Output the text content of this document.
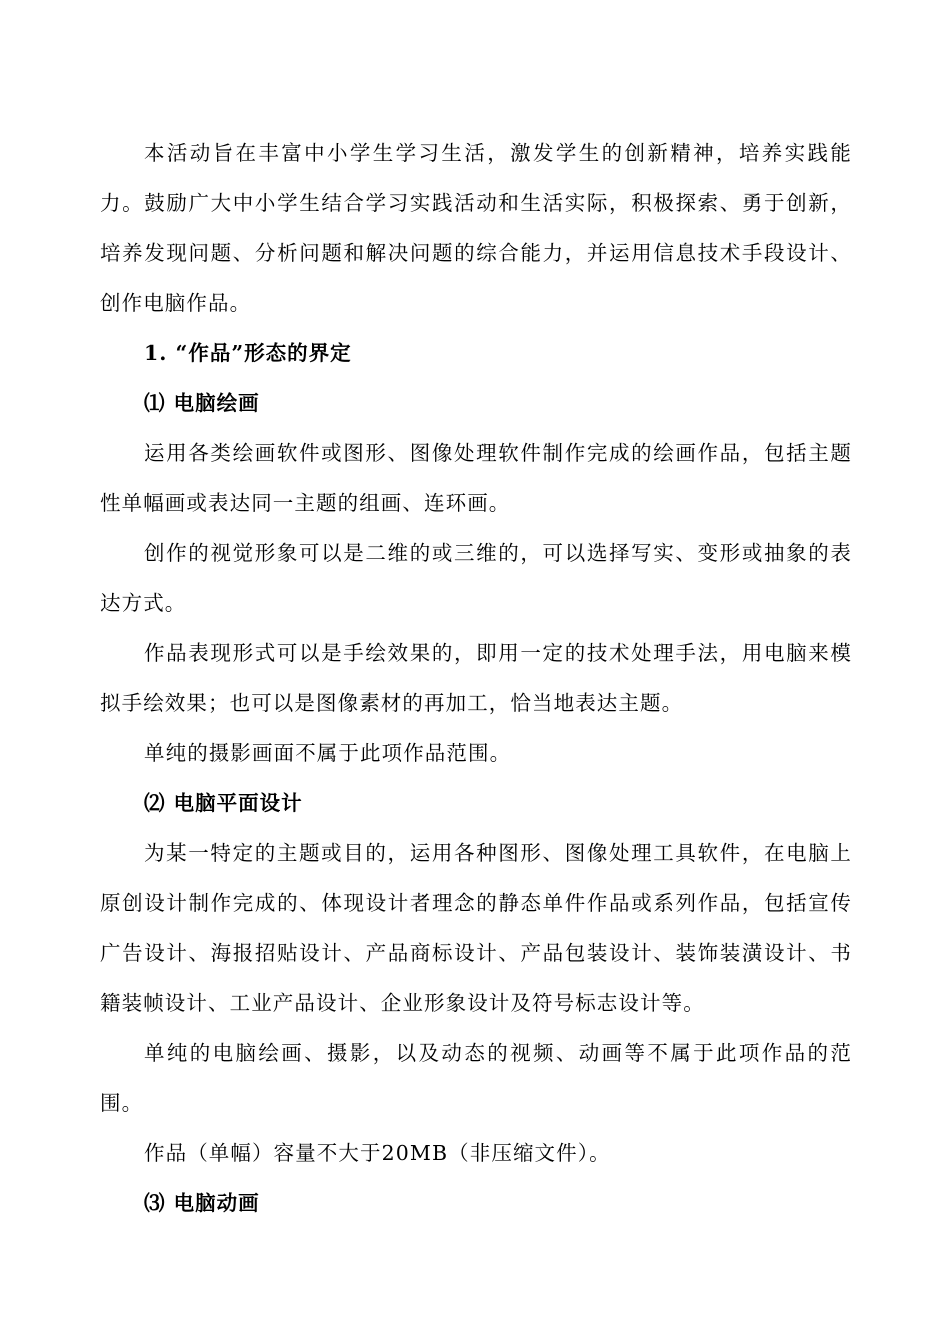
本活动旨在丰富中小学生学习生活，激发学生的创新精神，培养实践能力。鼓励广大中小学生结合学习实践活动和生活实际，积极探索、勇于创新，培养发现问题、分析问题和解决问题的综合能力，并运用信息技术手段设计、创作电脑作品。

1. “作品”形态的界定
⑴ 电脑绘画

运用各类绘画软件或图形、图像处理软件制作完成的绘画作品，包括主题性单幅画或表达同一主题的组画、连环画。

创作的视觉形象可以是二维的或三维的，可以选择写实、变形或抽象的表达方式。

作品表现形式可以是手绘效果的，即用一定的技术处理手法，用电脑来模拟手绘效果；也可以是图像素材的再加工，恰当地表达主题。

单纯的摄影画面不属于此项作品范围。

⑵ 电脑平面设计

为某一特定的主题或目的，运用各种图形、图像处理工具软件，在电脑上原创设计制作完成的、体现设计者理念的静态单件作品或系列作品，包括宣传广告设计、海报招贴设计、产品商标设计、产品包装设计、装饰装潢设计、书籍装帧设计、工业产品设计、企业形象设计及符号标志设计等。

单纯的电脑绘画、摄影，以及动态的视频、动画等不属于此项作品的范围。

作品（单幅）容量不大于20MB（非压缩文件）。

⑶ 电脑动画
